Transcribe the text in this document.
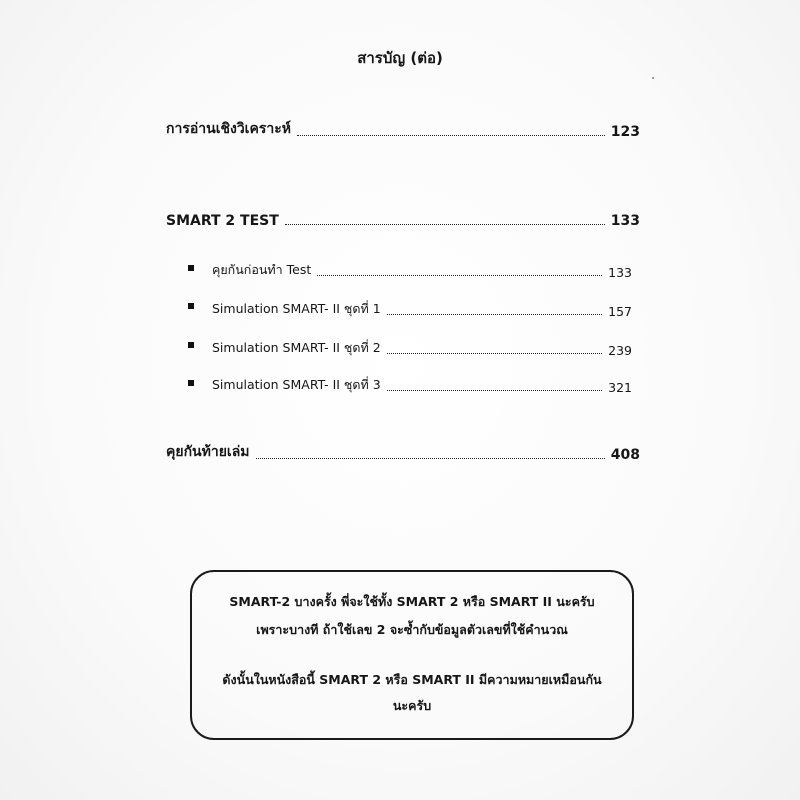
สารบัญ (ต่อ)
การอ่านเชิงวิเคราะห์	123
SMART 2 TEST	133
คุยกันก่อนทำ Test	133
Simulation SMART- II ชุดที่ 1	157
Simulation SMART- II ชุดที่ 2	239
Simulation SMART- II ชุดที่ 3	321
คุยกันท้ายเล่ม	408
SMART-2 บางครั้ง พี่จะใช้ทั้ง SMART 2 หรือ SMART II นะครับ
เพราะบางที ถ้าใช้เลข 2 จะซ้ำกับข้อมูลตัวเลขที่ใช้คำนวณ
ดังนั้นในหนังสือนี้ SMART 2 หรือ SMART II มีความหมายเหมือนกัน
นะครับ
